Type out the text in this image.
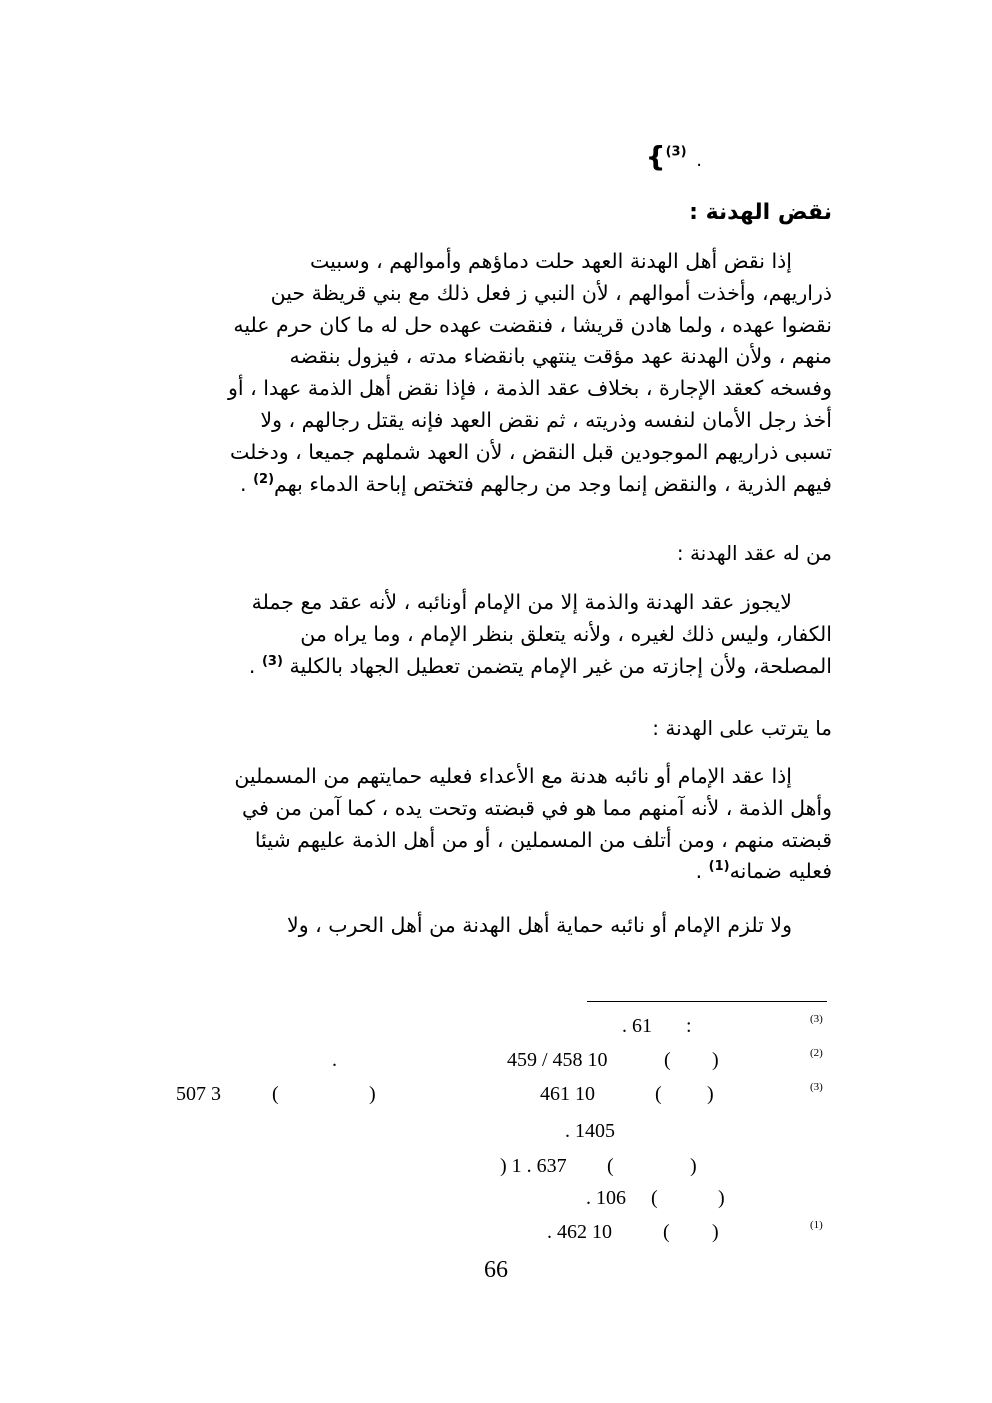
. $^{(3)}$}
نقض الهدنة :
إذا نقض أهل الهدنة العهد حلت دماؤهم وأموالهم ، وسبيت
ذراريهم، وأخذت أموالهم ، لأن النبي ز فعل ذلك مع بني قريظة حين
نقضوا عهده ، ولما هادن قريشا ، فنقضت عهده حل له ما كان حرم عليه
منهم ، ولأن الهدنة عهد مؤقت ينتهي بانقضاء مدته ، فيزول بنقضه
وفسخه كعقد الإجارة ، بخلاف عقد الذمة ، فإذا نقض أهل الذمة عهدا ، أو
أخذ رجل الأمان لنفسه وذريته ، ثم نقض العهد فإنه يقتل رجالهم ، ولا
تسبى ذراريهم الموجودين قبل النقض ، لأن العهد شملهم جميعا ، ودخلت
فيهم الذرية ، والنقض إنما وجد من رجالهم فتختص إباحة الدماء بهم$^{(2)}$ .
من له عقد الهدنة :
لايجوز عقد الهدنة والذمة إلا من الإمام أونائبه ، لأنه عقد مع جملة
الكفار، وليس ذلك لغيره ، ولأنه يتعلق بنظر الإمام ، وما يراه من
المصلحة، ولأن إجازته من غير الإمام يتضمن تعطيل الجهاد بالكلية $^{(3)}$ .
ما يترتب على الهدنة :
إذا عقد الإمام أو نائبه هدنة مع الأعداء فعليه حمايتهم من المسملين
وأهل الذمة ، لأنه آمنهم مما هو في قبضته وتحت يده ، كما آمن من في
قبضته منهم ، ومن أتلف من المسملين ، أو من أهل الذمة عليهم شيئا
فعليه ضمانه$^{(1)}$ .
ولا تلزم الإمام أو نائبه حماية أهل الهدنة من أهل الحرب ، ولا
(3)
:
. 61
(2)
)
(
459 / 458 10
.
(3)
)
(
461 10
)
(
507 3
. 1405
)
) 1 . 637 (
)
(
. 106
(1)
)
(
. 462 10
66
